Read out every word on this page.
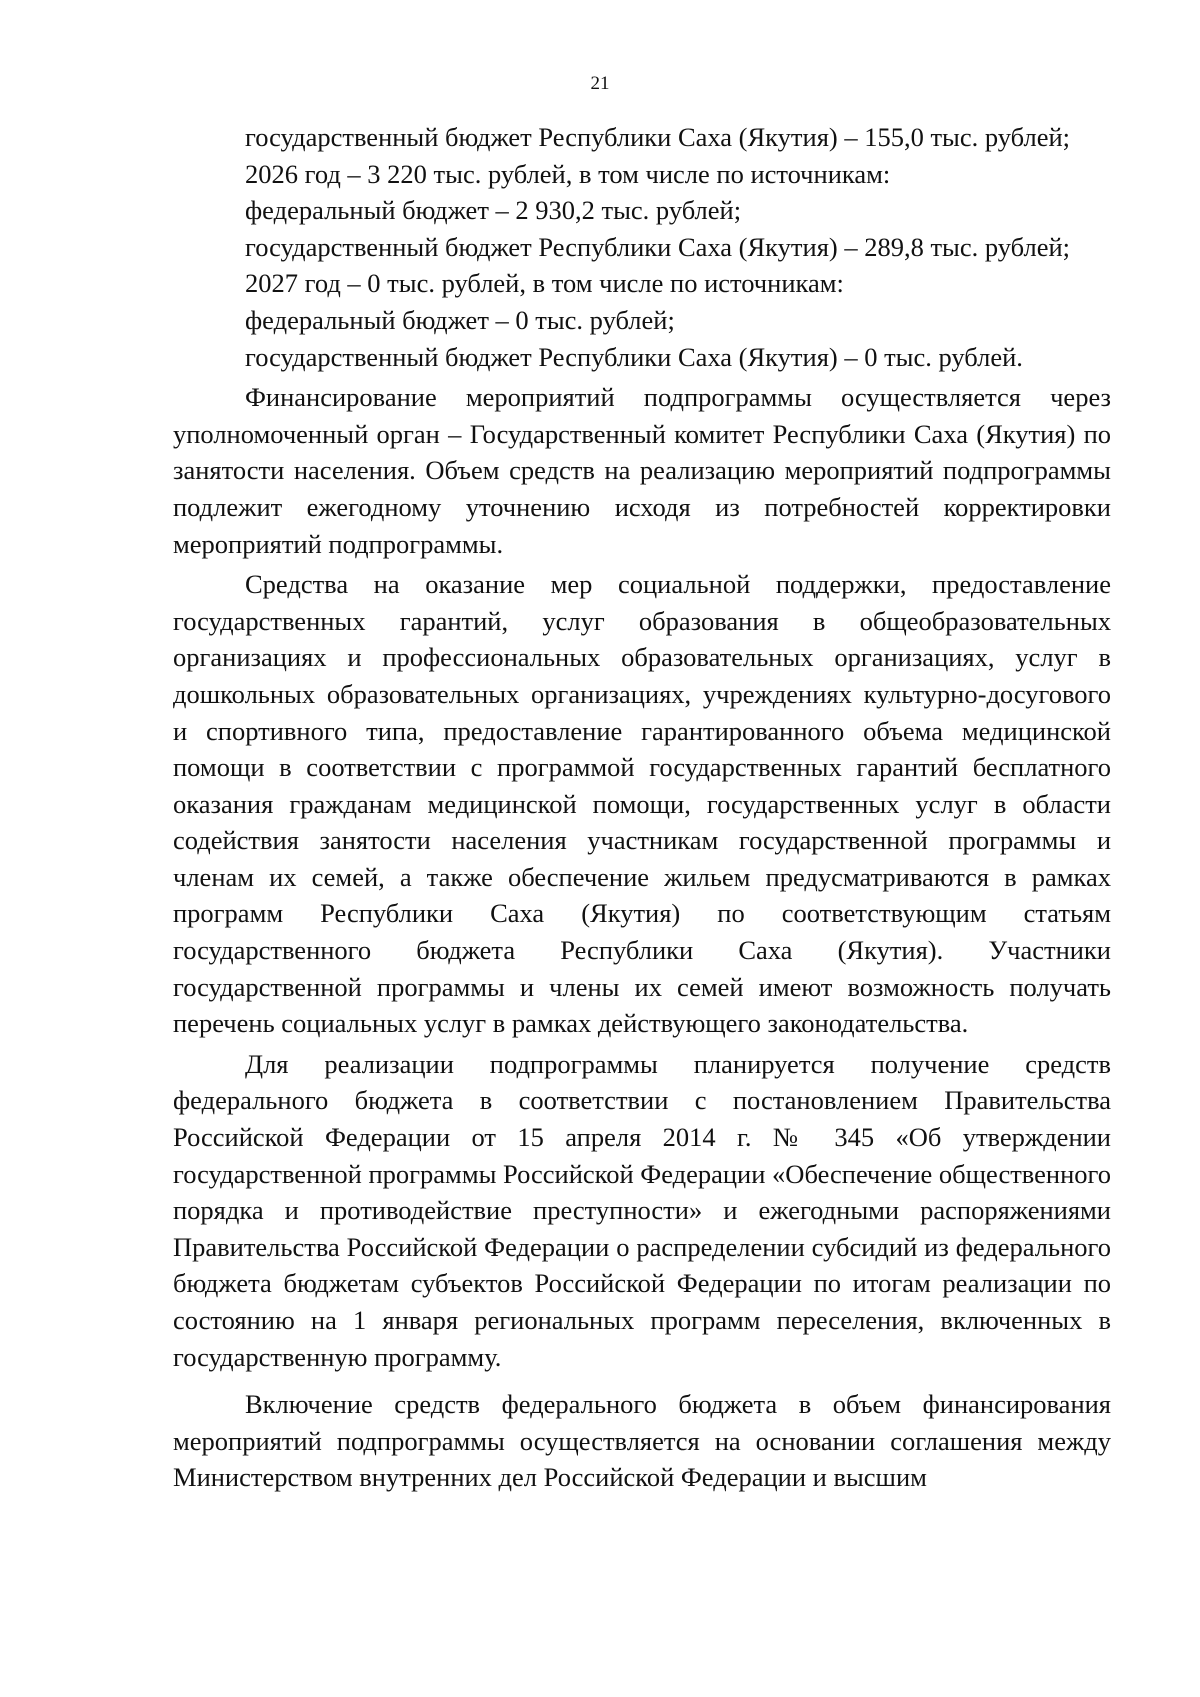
21

государственный бюджет Республики Саха (Якутия) – 155,0 тыс. рублей;

2026 год – 3 220 тыс. рублей, в том числе по источникам:

федеральный бюджет – 2 930,2 тыс. рублей;

государственный бюджет Республики Саха (Якутия) – 289,8 тыс. рублей;

2027 год – 0 тыс. рублей, в том числе по источникам:

федеральный бюджет – 0 тыс. рублей;

государственный бюджет Республики Саха (Якутия) – 0 тыс. рублей.

Финансирование мероприятий подпрограммы осуществляется через уполномоченный орган – Государственный комитет Республики Саха (Якутия) по занятости населения. Объем средств на реализацию мероприятий подпрограммы подлежит ежегодному уточнению исходя из потребностей корректировки мероприятий подпрограммы.

Средства на оказание мер социальной поддержки, предоставление государственных гарантий, услуг образования в общеобразовательных организациях и профессиональных образовательных организациях, услуг в дошкольных образовательных организациях, учреждениях культурно-досугового и спортивного типа, предоставление гарантированного объема медицинской помощи в соответствии с программой государственных гарантий бесплатного оказания гражданам медицинской помощи, государственных услуг в области содействия занятости населения участникам государственной программы и членам их семей, а также обеспечение жильем предусматриваются в рамках программ Республики Саха (Якутия) по соответствующим статьям государственного бюджета Республики Саха (Якутия). Участники государственной программы и члены их семей имеют возможность получать перечень социальных услуг в рамках действующего законодательства.

Для реализации подпрограммы планируется получение средств федерального бюджета в соответствии с постановлением Правительства Российской Федерации от 15 апреля 2014 г. № 345 «Об утверждении государственной программы Российской Федерации «Обеспечение общественного порядка и противодействие преступности» и ежегодными распоряжениями Правительства Российской Федерации о распределении субсидий из федерального бюджета бюджетам субъектов Российской Федерации по итогам реализации по состоянию на 1 января региональных программ переселения, включенных в государственную программу.

Включение средств федерального бюджета в объем финансирования мероприятий подпрограммы осуществляется на основании соглашения между Министерством внутренних дел Российской Федерации и высшим
